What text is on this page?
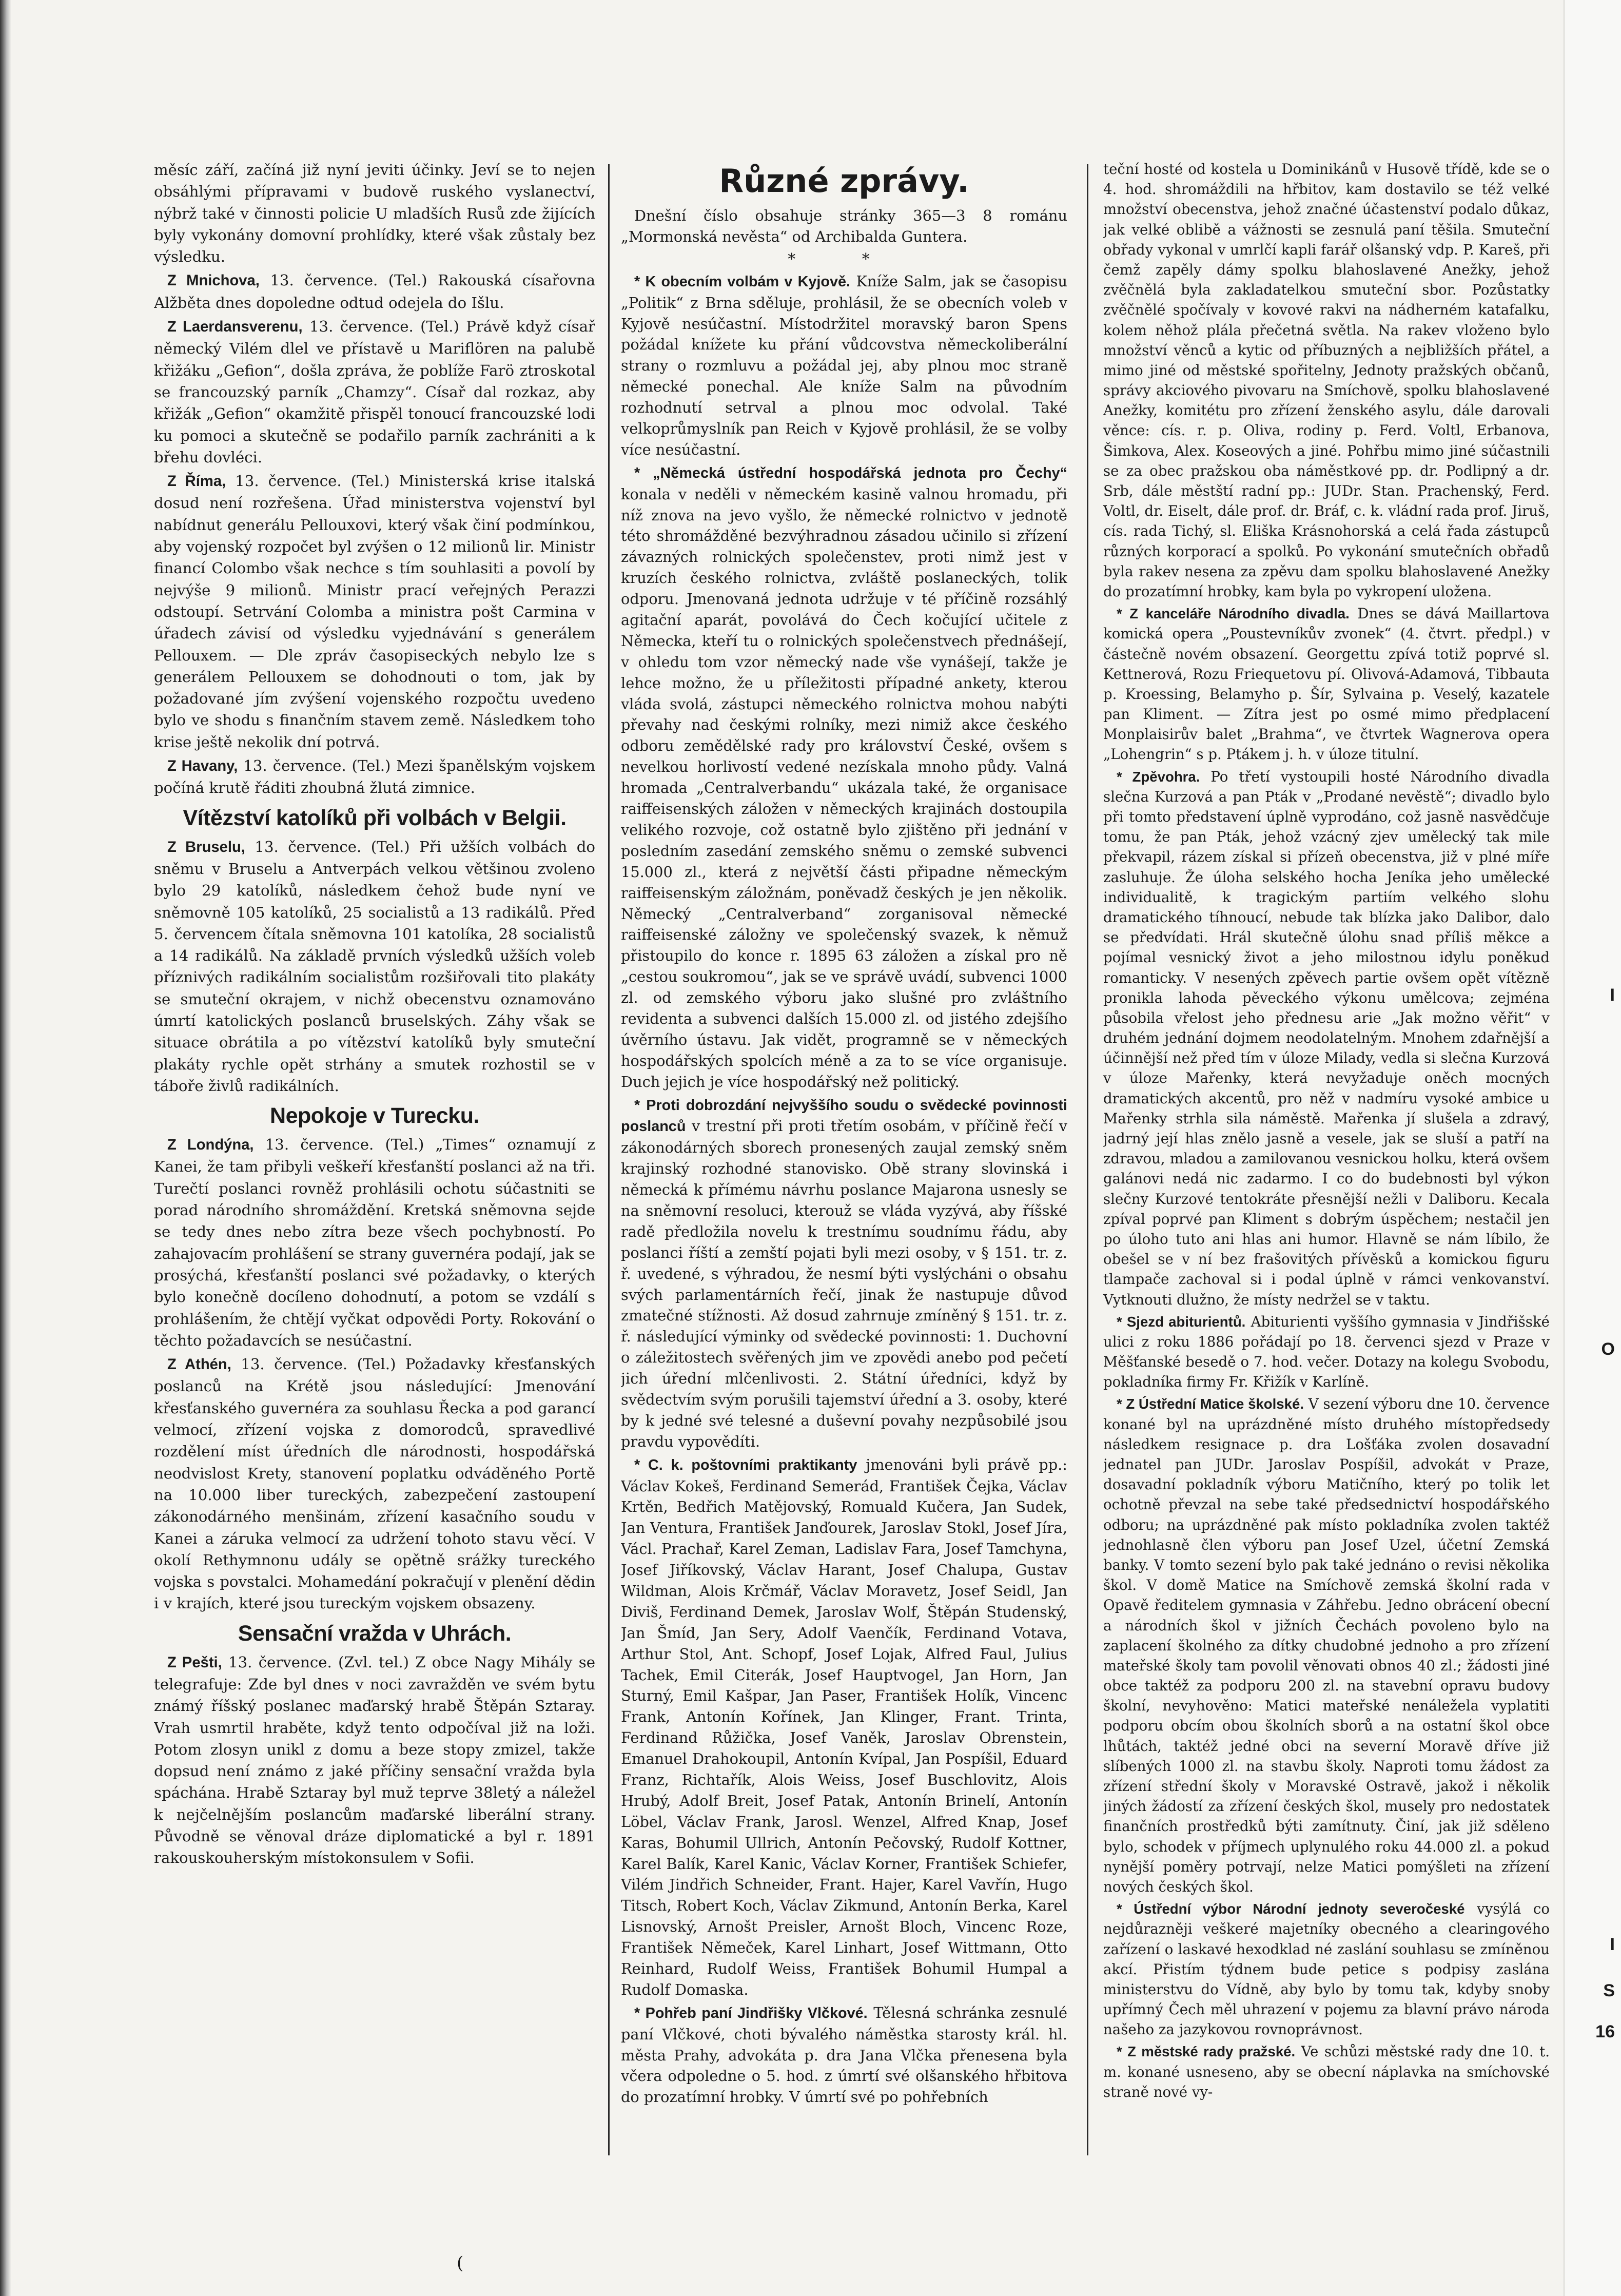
I
O
I
S
16

měsíc září, začíná již nyní jeviti účinky. Jeví se to nejen obsáhlými přípravami v budově ruského vyslanectví, nýbrž také v činnosti policie U mladších Rusů zde žijících byly vykonány domovní prohlídky, které však zůstaly bez výsledku.

Z Mnichova, 13. července. (Tel.) Rakouská císařovna Alžběta dnes dopoledne odtud odejela do Išlu.

Z Laerdansverenu, 13. července. (Tel.) Právě když císař německý Vilém dlel ve přístavě u Mariflören na palubě křižáku „Gefion“, došla zpráva, že poblíže Farö ztroskotal se francouzský parník „Chamzy“. Císař dal rozkaz, aby křižák „Gefion“ okamžitě přispěl tonoucí francouzské lodi ku pomoci a skutečně se podařilo parník zachrániti a k břehu dovléci.

Z Říma, 13. července. (Tel.) Ministerská krise italská dosud není rozřešena. Úřad ministerstva vojenství byl nabídnut generálu Pellouxovi, který však činí podmínkou, aby vojenský rozpočet byl zvýšen o 12 milionů lir. Ministr financí Colombo však nechce s tím souhlasiti a povolí by nejvýše 9 milionů. Ministr prací veřejných Perazzi odstoupí. Setrvání Colomba a ministra pošt Carmina v úřadech závisí od výsledku vyjednávání s generálem Pellouxem. — Dle zpráv časopiseckých nebylo lze s generálem Pellouxem se dohodnouti o tom, jak by požadované jím zvýšení vojenského rozpočtu uvedeno bylo ve shodu s finančním stavem země. Následkem toho krise ještě nekolik dní potrvá.

Z Havany, 13. července. (Tel.) Mezi španělským vojskem počíná krutě řáditi zhoubná žlutá zimnice.

Vítězství katolíků při volbách v Belgii.

Z Bruselu, 13. července. (Tel.) Při užších volbách do sněmu v Bruselu a Antverpách velkou většinou zvoleno bylo 29 katolíků, následkem čehož bude nyní ve sněmovně 105 katolíků, 25 socialistů a 13 radikálů. Před 5. červencem čítala sněmovna 101 katolíka, 28 socialistů a 14 radikálů. Na základě prvních výsledků užších voleb příznivých radikálním socialistům rozšiřovali tito plakáty se smuteční okrajem, v nichž obecenstvu oznamováno úmrtí katolických poslanců bruselských. Záhy však se situace obrátila a po vítězství katolíků byly smuteční plakáty rychle opět strhány a smutek rozhostil se v táboře živlů radikálních.

Nepokoje v Turecku.

Z Londýna, 13. července. (Tel.) „Times“ oznamují z Kanei, že tam přibyli veškeří křesťanští poslanci až na tři. Turečtí poslanci rovněž prohlásili ochotu súčastniti se porad národního shromáždění. Kretská sněmovna sejde se tedy dnes nebo zítra beze všech pochybností. Po zahajovacím prohlášení se strany guvernéra podají, jak se prosýchá, křesťanští poslanci své požadavky, o kterých bylo konečně docíleno dohodnutí, a potom se vzdálí s prohlášením, že chtějí vyčkat odpovědi Porty. Rokování o těchto požadavcích se nesúčastní.

Z Athén, 13. července. (Tel.) Požadavky křesťanských poslanců na Krétě jsou následující: Jmenování křesťanského guvernéra za souhlasu Řecka a pod garancí velmocí, zřízení vojska z domorodců, spravedlivé rozdělení míst úředních dle národnosti, hospodářská neodvislost Krety, stanovení poplatku odváděného Portě na 10.000 liber tureckých, zabezpečení zastoupení zákonodárného menšinám, zřízení kasačního soudu v Kanei a záruka velmocí za udržení tohoto stavu věcí. V okolí Rethymnonu udály se opětně srážky tureckého vojska s povstalci. Mohamedání pokračují v plenění dědin i v krajích, které jsou tureckým vojskem obsazeny.

Sensační vražda v Uhrách.

Z Pešti, 13. července. (Zvl. tel.) Z obce Nagy Mihály se telegrafuje: Zde byl dnes v noci zavražděn ve svém bytu známý říšský poslanec maďarský hrabě Štěpán Sztaray. Vrah usmrtil hraběte, když tento odpočíval již na loži. Potom zlosyn unikl z domu a beze stopy zmizel, takže dopsud není známo z jaké příčiny sensační vražda byla spáchána. Hrabě Sztaray byl muž teprve 38letý a náležel k nejčelnějším poslancům maďarské liberální strany. Původně se věnoval dráze diplomatické a byl r. 1891 rakouskouherským místokonsulem v Sofii.

Různé zprávy.

Dnešní číslo obsahuje stránky 365—3 8 románu „Mormonská nevěsta“ od Archibalda Guntera.

* *

* K obecním volbám v Kyjově. Kníže Salm, jak se časopisu „Politik“ z Brna sděluje, prohlásil, že se obecních voleb v Kyjově nesúčastní. Místodržitel moravský baron Spens požádal knížete ku přání vůdcovstva německoliberální strany o rozmluvu a požádal jej, aby plnou moc straně německé ponechal. Ale kníže Salm na původním rozhodnutí setrval a plnou moc odvolal. Také velkoprůmyslník pan Reich v Kyjově prohlásil, že se volby více nesúčastní.

* „Německá ústřední hospodářská jednota pro Čechy“ konala v neděli v německém kasině valnou hromadu, při níž znova na jevo vyšlo, že německé rolnictvo v jednotě této shromážděné bezvýhradnou zásadou učinilo si zřízení závazných rolnických společenstev, proti nimž jest v kruzích českého rolnictva, zvláště poslaneckých, tolik odporu. Jmenovaná jednota udržuje v té příčině rozsáhlý agitační aparát, povolává do Čech kočující učitele z Německa, kteří tu o rolnických společenstvech přednášejí, v ohledu tom vzor německý nade vše vynášejí, takže je lehce možno, že u příležitosti případné ankety, kterou vláda svolá, zástupci německého rolnictva mohou nabýti převahy nad českými rolníky, mezi nimiž akce českého odboru zemědělské rady pro království České, ovšem s nevelkou horlivostí vedené nezískala mnoho půdy. Valná hromada „Centralverbandu“ ukázala také, že organisace raiffeisenských záložen v německých krajinách dostoupila velikého rozvoje, což ostatně bylo zjištěno při jednání v posledním zasedání zemského sněmu o zemské subvenci 15.000 zl., která z největší části připadne německým raiffeisenským záložnám, poněvadž českých je jen několik. Německý „Centralverband“ zorganisoval německé raiffeisenské záložny ve společenský svazek, k němuž přistoupilo do konce r. 1895 63 záložen a získal pro ně „cestou soukromou“, jak se ve správě uvádí, subvenci 1000 zl. od zemského výboru jako slušné pro zvláštního revidenta a subvenci dalších 15.000 zl. od jistého zdejšího úvěrního ústavu. Jak vidět, programně se v německých hospodářských spolcích méně a za to se více organisuje. Duch jejich je více hospodářský než politický.

* Proti dobrozdání nejvyššího soudu o svědecké povinnosti poslanců v trestní při proti třetím osobám, v příčině řečí v zákonodárných sborech pronesených zaujal zemský sněm krajinský rozhodné stanovisko. Obě strany slovinská i německá k přímému návrhu poslance Majarona usnesly se na sněmovní resoluci, kterouž se vláda vyzývá, aby říšské radě předložila novelu k trestnímu soudnímu řádu, aby poslanci říští a zemští pojati byli mezi osoby, v § 151. tr. z. ř. uvedené, s výhradou, že nesmí býti vyslýcháni o obsahu svých parlamentárních řečí, jinak že nastupuje důvod zmatečné stížnosti. Až dosud zahrnuje zmíněný § 151. tr. z. ř. následující výminky od svědecké povinnosti: 1. Duchovní o záležitostech svěřených jim ve zpovědi anebo pod pečetí jich úřední mlčenlivosti. 2. Státní úředníci, když by svědectvím svým porušili tajemství úřední a 3. osoby, které by k jedné své telesné a duševní povahy nezpůsobilé jsou pravdu vypovědíti.

* C. k. poštovními praktikanty jmenováni byli právě pp.: Václav Kokeš, Ferdinand Semerád, František Čejka, Václav Krtěn, Bedřich Matějovský, Romuald Kučera, Jan Sudek, Jan Ventura, František Janďourek, Jaroslav Stokl, Josef Jíra, Václ. Prachař, Karel Zeman, Ladislav Fara, Josef Tamchyna, Josef Jiříkovský, Václav Harant, Josef Chalupa, Gustav Wildman, Alois Krčmář, Václav Moravetz, Josef Seidl, Jan Diviš, Ferdinand Demek, Jaroslav Wolf, Štěpán Studenský, Jan Šmíd, Jan Sery, Adolf Vaenčík, Ferdinand Votava, Arthur Stol, Ant. Schopf, Josef Lojak, Alfred Faul, Julius Tachek, Emil Citerák, Josef Hauptvogel, Jan Horn, Jan Sturný, Emil Kašpar, Jan Paser, František Holík, Vincenc Frank, Antonín Kořínek, Jan Klinger, Frant. Trinta, Ferdinand Růžička, Josef Vaněk, Jaroslav Obrenstein, Emanuel Drahokoupil, Antonín Kvípal, Jan Pospíšil, Eduard Franz, Richtařík, Alois Weiss, Josef Buschlovitz, Alois Hrubý, Adolf Breit, Josef Patak, Antonín Brinelí, Antonín Löbel, Václav Frank, Jarosl. Wenzel, Alfred Knap, Josef Karas, Bohumil Ullrich, Antonín Pečovský, Rudolf Kottner, Karel Balík, Karel Kanic, Václav Korner, František Schiefer, Vilém Jindřich Schneider, Frant. Hajer, Karel Vavřín, Hugo Titsch, Robert Koch, Václav Zikmund, Antonín Berka, Karel Lisnovský, Arnošt Preisler, Arnošt Bloch, Vincenc Roze, František Němeček, Karel Linhart, Josef Wittmann, Otto Reinhard, Rudolf Weiss, František Bohumil Humpal a Rudolf Domaska.

* Pohřeb paní Jindřišky Vlčkové. Tělesná schránka zesnulé paní Vlčkové, choti bývalého náměstka starosty král. hl. města Prahy, advokáta p. dra Jana Vlčka přenesena byla včera odpoledne o 5. hod. z úmrtí své olšanského hřbitova do prozatímní hrobky. V úmrtí své po pohřebních

teční hosté od kostela u Dominikánů v Husově třídě, kde se o 4. hod. shromáždili na hřbitov, kam dostavilo se též velké množství obecenstva, jehož značné účastenství podalo důkaz, jak velké oblibě a vážnosti se zesnulá paní těšila. Smuteční obřady vykonal v umrlčí kapli farář olšanský vdp. P. Kareš, při čemž zapěly dámy spolku blahoslavené Anežky, jehož zvěčnělá byla zakladatelkou smuteční sbor. Pozůstatky zvěčnělé spočívaly v kovové rakvi na nádherném katafalku, kolem něhož plála přečetná světla. Na rakev vloženo bylo množství věnců a kytic od příbuzných a nejbližších přátel, a mimo jiné od městské spořitelny, Jednoty pražských občanů, správy akciového pivovaru na Smíchově, spolku blahoslavené Anežky, komitétu pro zřízení ženského asylu, dále darovali věnce: cís. r. p. Oliva, rodiny p. Ferd. Voltl, Erbanova, Šimkova, Alex. Koseových a jiné. Pohřbu mimo jiné súčastnili se za obec pražskou oba náměstkové pp. dr. Podlipný a dr. Srb, dále městští radní pp.: JUDr. Stan. Prachenský, Ferd. Voltl, dr. Eiselt, dále prof. dr. Bráf, c. k. vládní rada prof. Jiruš, cís. rada Tichý, sl. Eliška Krásnohorská a celá řada zástupců různých korporací a spolků. Po vykonání smutečních obřadů byla rakev nesena za zpěvu dam spolku blahoslavené Anežky do prozatímní hrobky, kam byla po vykropení uložena.

* Z kanceláře Národního divadla. Dnes se dává Maillartova komická opera „Poustevníkův zvonek“ (4. čtvrt. předpl.) v částečně novém obsazení. Georgettu zpívá totiž poprvé sl. Kettnerová, Rozu Friequetovu pí. Olivová-Adamová, Tibbauta p. Kroessing, Belamyho p. Šír, Sylvaina p. Veselý, kazatele pan Kliment. — Zítra jest po osmé mimo předplacení Monplaisirův balet „Brahma“, ve čtvrtek Wagnerova opera „Lohengrin“ s p. Ptákem j. h. v úloze titulní.

* Zpěvohra. Po třetí vystoupili hosté Národního divadla slečna Kurzová a pan Pták v „Prodané nevěstě“; divadlo bylo při tomto představení úplně vyprodáno, což jasně nasvědčuje tomu, že pan Pták, jehož vzácný zjev umělecký tak mile překvapil, rázem získal si přízeň obecenstva, již v plné míře zasluhuje. Že úloha selského hocha Jeníka jeho umělecké individualitě, k tragickým partiím velkého slohu dramatického tíhnoucí, nebude tak blízka jako Dalibor, dalo se předvídati. Hrál skutečně úlohu snad příliš měkce a pojímal vesnický život a jeho milostnou idylu poněkud romanticky. V nesených zpěvech partie ovšem opět vítězně pronikla lahoda pěveckého výkonu umělcova; zejména působila vřelost jeho přednesu arie „Jak možno věřit“ v druhém jednání dojmem neodolatelným. Mnohem zdařnější a účinnější než před tím v úloze Milady, vedla si slečna Kurzová v úloze Mařenky, která nevyžaduje oněch mocných dramatických akcentů, pro něž v nadmíru vysoké ambice u Mařenky strhla sila náměstě. Mařenka jí slušela a zdravý, jadrný její hlas znělo jasně a vesele, jak se sluší a patří na zdravou, mladou a zamilovanou vesnickou holku, která ovšem galánovi nedá nic zadarmo. I co do budebnosti byl výkon slečny Kurzové tentokráte přesnější nežli v Daliboru. Kecala zpíval poprvé pan Kliment s dobrým úspěchem; nestačil jen po úloho tuto ani hlas ani humor. Hlavně se nám líbilo, že obešel se v ní bez frašovitých přívěsků a komickou figuru tlampače zachoval si i podal úplně v rámci venkovanství. Vytknouti dlužno, že místy nedržel se v taktu.

* Sjezd abiturientů. Abiturienti vyššího gymnasia v Jindřišské ulici z roku 1886 pořádají po 18. červenci sjezd v Praze v Měšťanské besedě o 7. hod. večer. Dotazy na kolegu Svobodu, pokladníka firmy Fr. Křižík v Karlíně.

* Z Ústřední Matice školské. V sezení výboru dne 10. července konané byl na uprázdněné místo druhého místopředsedy následkem resignace p. dra Lošťáka zvolen dosavadní jednatel pan JUDr. Jaroslav Pospíšil, advokát v Praze, dosavadní pokladník výboru Matičního, který po tolik let ochotně převzal na sebe také předsednictví hospodářského odboru; na uprázdněné pak místo pokladníka zvolen taktéž jednohlasně člen výboru pan Josef Uzel, účetní Zemská banky. V tomto sezení bylo pak také jednáno o revisi několika škol. V domě Matice na Smíchově zemská školní rada v Opavě ředitelem gymnasia v Záhřebu. Jedno obrácení obecní a národních škol v jižních Čechách povoleno bylo na zaplacení školného za dítky chudobné jednoho a pro zřízení mateřské školy tam povolil věnovati obnos 40 zl.; žádosti jiné obce taktéž za podporu 200 zl. na stavební opravu budovy školní, nevyhověno: Matici mateřské nenáležela vyplatiti podporu obcím obou školních sborů a na ostatní škol obce lhůtách, taktéž jedné obci na severní Moravě dříve již slíbených 1000 zl. na stavbu školy. Naproti tomu žádost za zřízení střední školy v Moravské Ostravě, jakož i několik jiných žádostí za zřízení českých škol, musely pro nedostatek finančních prostředků býti zamítnuty. Činí, jak již sděleno bylo, schodek v příjmech uplynulého roku 44.000 zl. a pokud nynější poměry potrvají, nelze Matici pomýšleti na zřízení nových českých škol.

* Ústřední výbor Národní jednoty severočeské vysýlá co nejdůrazněji veškeré majetníky obecného a clearingového zařízení o laskavé hexodklad né zaslání souhlasu se zmíněnou akcí. Přistím týdnem bude petice s podpisy zaslána ministerstvu do Vídně, aby bylo by tomu tak, kdyby snoby upřímný Čech měl uhrazení v pojemu za blavní právo národa našeho za jazykovou rovnoprávnost.

* Z městské rady pražské. Ve schůzi městské rady dne 10. t. m. konané usneseno, aby se obecní náplavka na smíchovské straně nové vy-

(
